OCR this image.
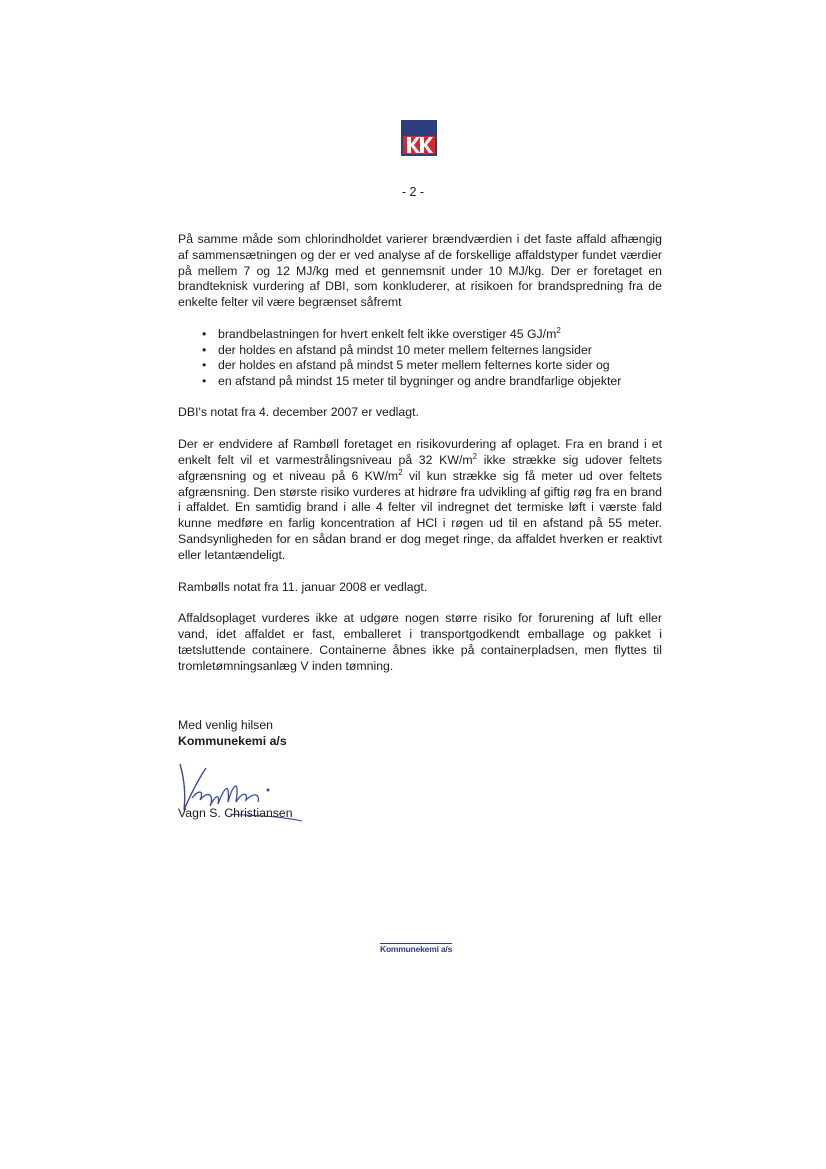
- 2 -

På samme måde som chlorindholdet varierer brændværdien i det faste affald afhængig af sammensætningen og der er ved analyse af de forskellige affaldstyper fundet værdier på mellem 7 og 12 MJ/kg med et gennemsnit under 10 MJ/kg. Der er foretaget en brandteknisk vurdering af DBI, som konkluderer, at risikoen for brandspredning fra de enkelte felter vil være begrænset såfremt

• brandbelastningen for hvert enkelt felt ikke overstiger 45 $GJ/m^2$
• der holdes en afstand på mindst 10 meter mellem felternes langsider
• der holdes en afstand på mindst 5 meter mellem felternes korte sider og
• en afstand på mindst 15 meter til bygninger og andre brandfarlige objekter

DBI's notat fra 4. december 2007 er vedlagt.

Der er endvidere af Rambøll foretaget en risikovurdering af oplaget. Fra en brand i et enkelt felt vil et varmestrålingsniveau på 32 $KW/m^2$ ikke strække sig udover feltets afgrænsning og et niveau på 6 $KW/m^2$ vil kun strække sig få meter ud over feltets afgrænsning. Den største risiko vurderes at hidrøre fra udvikling af giftig røg fra en brand i affaldet. En samtidig brand i alle 4 felter vil indregnet det termiske løft i værste fald kunne medføre en farlig koncentration af HCl i røgen ud til en afstand på 55 meter. Sandsynligheden for en sådan brand er dog meget ringe, da affaldet hverken er reaktivt eller letantændeligt.

Rambølls notat fra 11. januar 2008 er vedlagt.

Affaldsoplaget vurderes ikke at udgøre nogen større risiko for forurening af luft eller vand, idet affaldet er fast, emballeret i transportgodkendt emballage og pakket i tætsluttende containere. Containerne åbnes ikke på containerpladsen, men flyttes til tromletømningsanlæg V inden tømning.

Med venlig hilsen
Kommunekemi a/s
Vagn S. Christiansen
Kommunekemi a/s
